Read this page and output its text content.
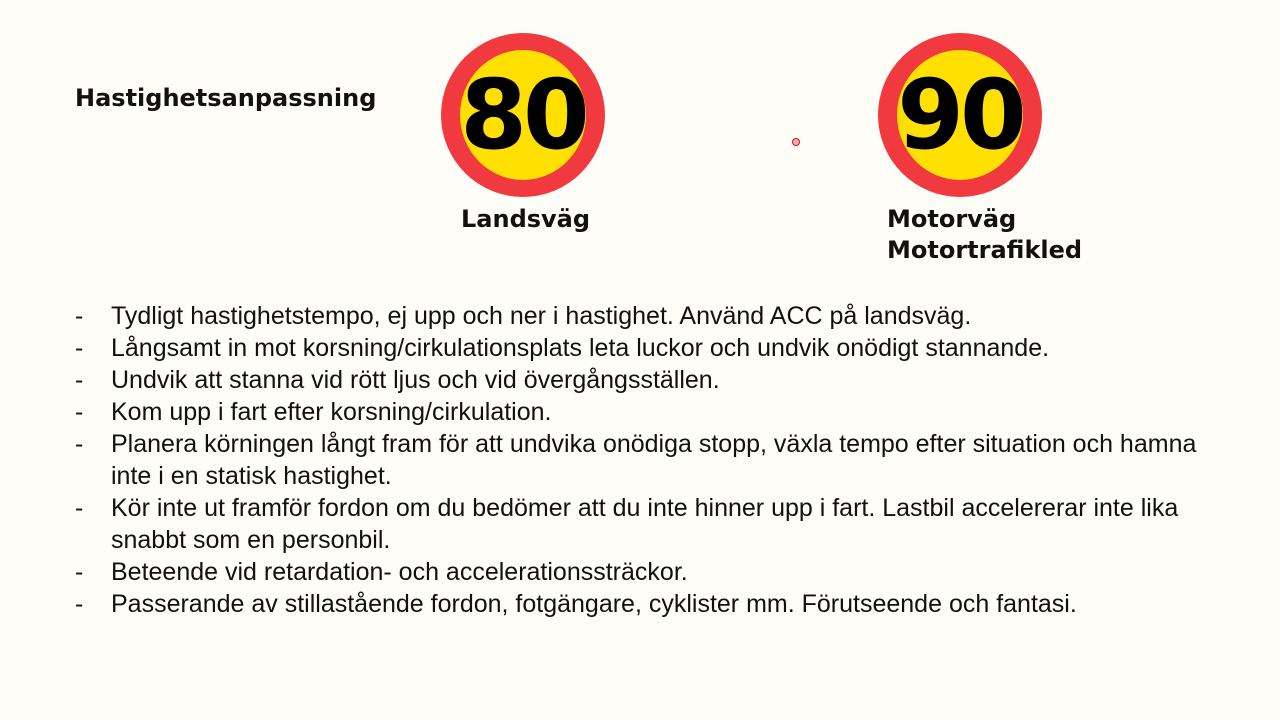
Hastighetsanpassning 80
Landsväg
90
Motorväg
Motortrafikled
- Tydligt hastighetstempo, ej upp och ner i hastighet. Använd ACC på landsväg.
- Långsamt in mot korsning/cirkulationsplats leta luckor och undvik onödigt stannande.
- Undvik att stanna vid rött ljus och vid övergångsställen.
- Kom upp i fart efter korsning/cirkulation.
- Planera körningen långt fram för att undvika onödiga stopp, växla tempo efter situation och hamna inte i en statisk hastighet.
- Kör inte ut framför fordon om du bedömer att du inte hinner upp i fart. Lastbil accelererar inte lika snabbt som en personbil.
- Beteende vid retardation- och accelerationssträckor.
- Passerande av stillastående fordon, fotgängare, cyklister mm. Förutseende och fantasi.
